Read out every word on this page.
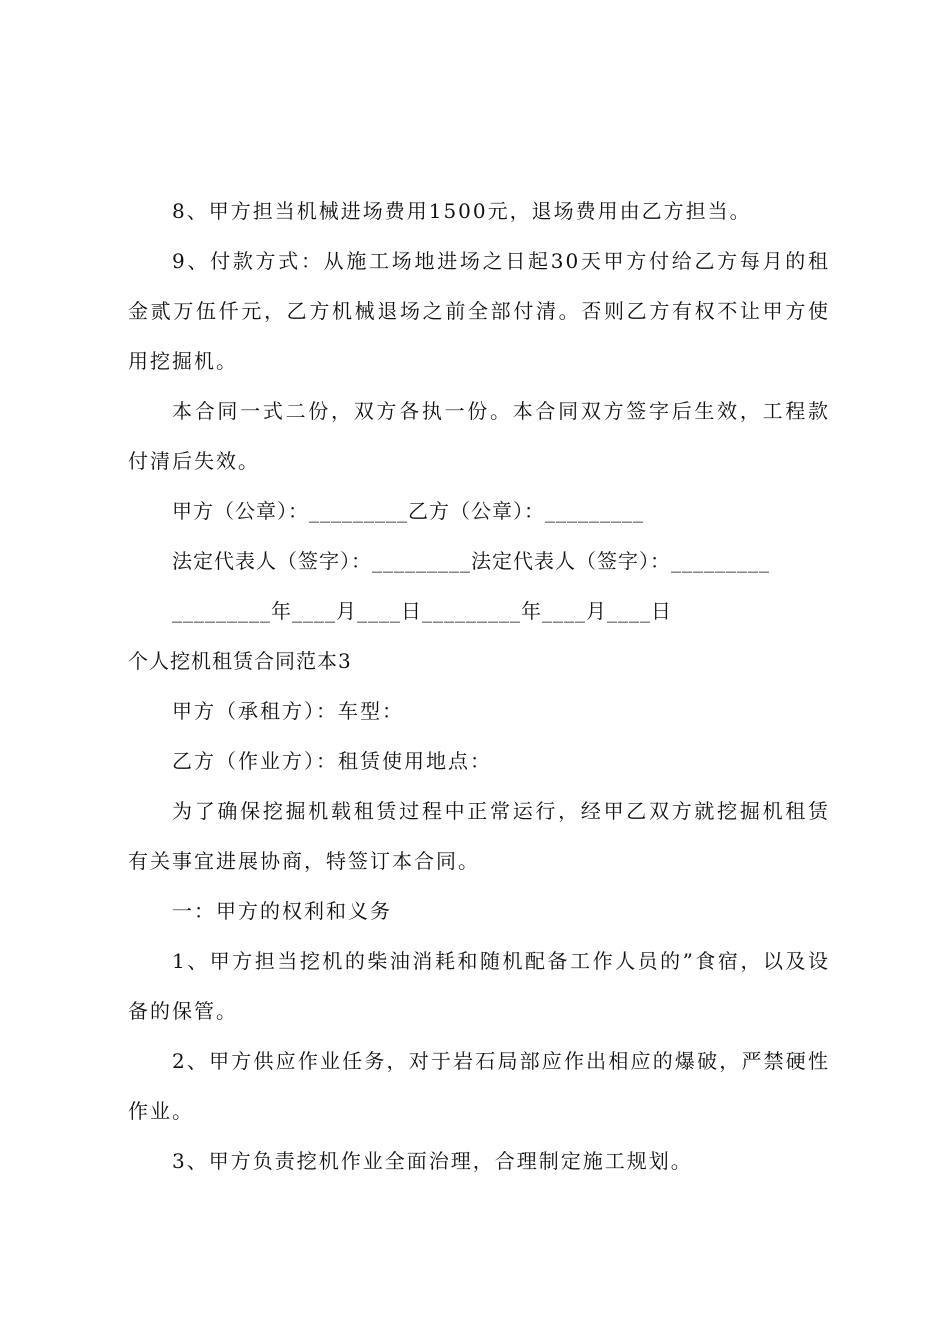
8、甲方担当机械进场费用1500元，退场费用由乙方担当。

9、付款方式：从施工场地进场之日起30天甲方付给乙方每月的租金贰万伍仟元，乙方机械退场之前全部付清。否则乙方有权不让甲方使用挖掘机。

本合同一式二份，双方各执一份。本合同双方签字后生效，工程款付清后失效。

甲方（公章）：_________乙方（公章）：_________

法定代表人（签字）：_________法定代表人（签字）：_________

_________年____月____日_________年____月____日

个人挖机租赁合同范本3

甲方（承租方）：车型：

乙方（作业方）：租赁使用地点：

为了确保挖掘机载租赁过程中正常运行，经甲乙双方就挖掘机租赁有关事宜进展协商，特签订本合同。

一：甲方的权利和义务

1、甲方担当挖机的柴油消耗和随机配备工作人员的”食宿，以及设备的保管。

2、甲方供应作业任务，对于岩石局部应作出相应的爆破，严禁硬性作业。

3、甲方负责挖机作业全面治理，合理制定施工规划。
